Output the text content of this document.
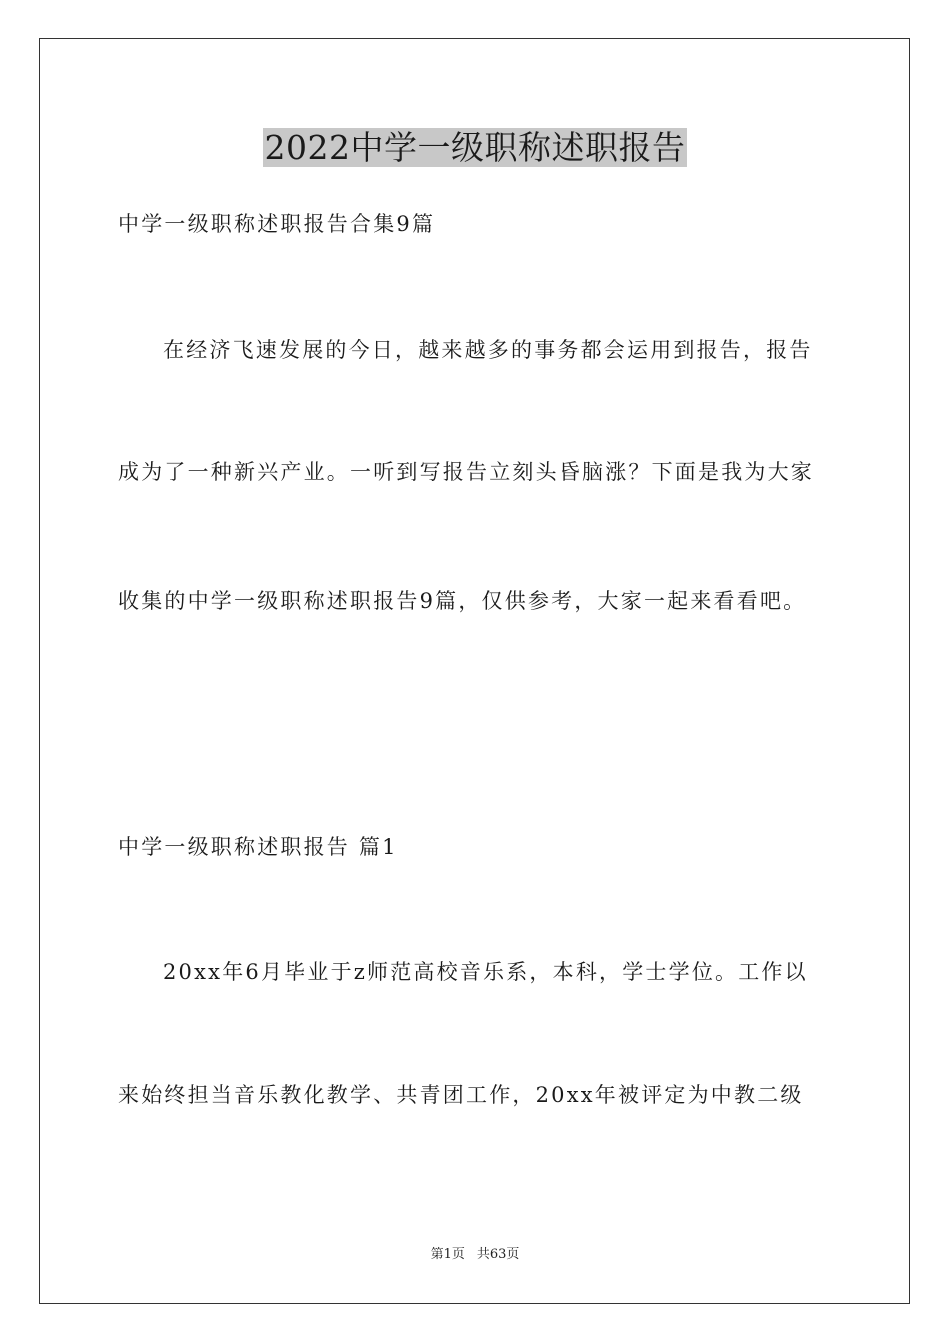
2022中学一级职称述职报告

中学一级职称述职报告合集9篇

在经济飞速发展的今日，越来越多的事务都会运用到报告，报告

成为了一种新兴产业。一听到写报告立刻头昏脑涨？下面是我为大家

收集的中学一级职称述职报告9篇，仅供参考，大家一起来看看吧。

中学一级职称述职报告 篇1

20xx年6月毕业于z师范高校音乐系，本科，学士学位。工作以

来始终担当音乐教化教学、共青团工作，20xx年被评定为中教二级

第1页 共63页
